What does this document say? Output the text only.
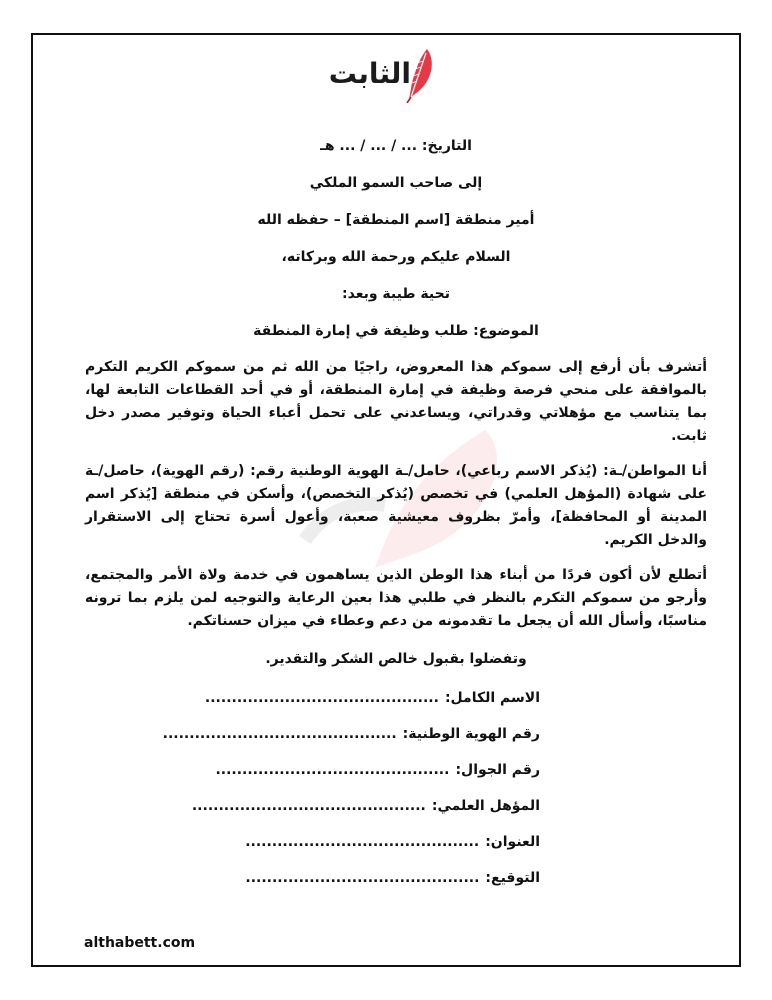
الثابت
التاريخ: ... / ... / ... هـ
إلى صاحب السمو الملكي
أمير منطقة [اسم المنطقة] – حفظه الله
السلام عليكم ورحمة الله وبركاته،
تحية طيبة وبعد:
الموضوع: طلب وظيفة في إمارة المنطقة

أتشرف بأن أرفع إلى سموكم هذا المعروض، راجيًا من الله ثم من سموكم الكريم التكرم بالموافقة على منحي فرصة وظيفة في إمارة المنطقة، أو في أحد القطاعات التابعة لها، بما يتناسب مع مؤهلاتي وقدراتي، ويساعدني على تحمل أعباء الحياة وتوفير مصدر دخل ثابت.

أنا المواطن/ـة: (يُذكر الاسم رباعي)، حامل/ـة الهوية الوطنية رقم: (رقم الهوية)، حاصل/ـة على شهادة (المؤهل العلمي) في تخصص (يُذكر التخصص)، وأسكن في منطقة [يُذكر اسم المدينة أو المحافظة]، وأمرّ بظروف معيشية صعبة، وأعول أسرة تحتاج إلى الاستقرار والدخل الكريم.

أتطلع لأن أكون فردًا من أبناء هذا الوطن الذين يساهمون في خدمة ولاة الأمر والمجتمع، وأرجو من سموكم التكرم بالنظر في طلبي هذا بعين الرعاية والتوجيه لمن يلزم بما ترونه مناسبًا، وأسأل الله أن يجعل ما تقدمونه من دعم وعطاء في ميزان حسناتكم.

وتفضلوا بقبول خالص الشكر والتقدير.
الاسم الكامل:............................................
رقم الهوية الوطنية:............................................
رقم الجوال:............................................
المؤهل العلمي:............................................
العنوان:............................................
التوقيع:............................................
althabett.com
